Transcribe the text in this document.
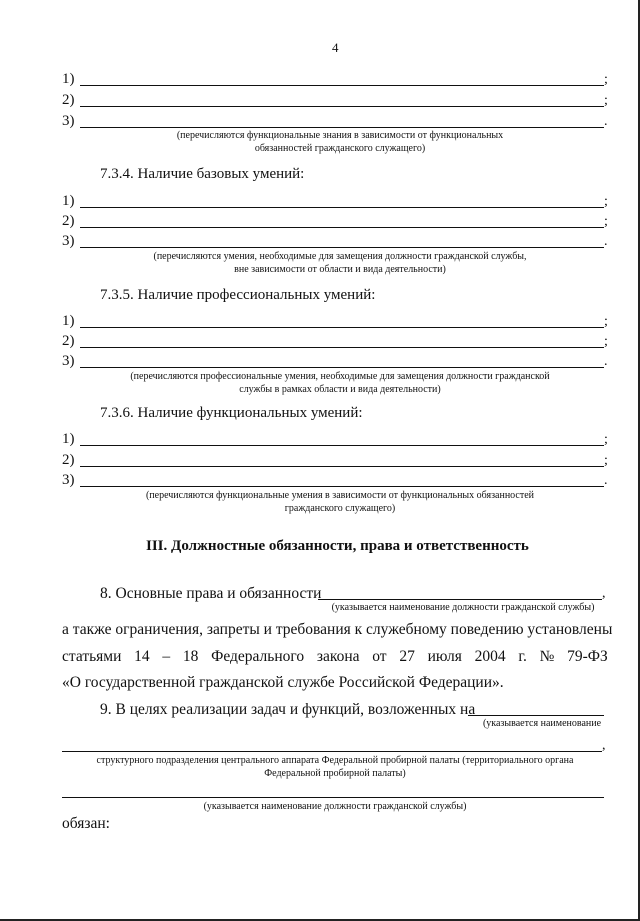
4
1)	;
2)	;
3)	.
(перечисляются функциональные знания в зависимости от функциональных
обязанностей гражданского служащего)
7.3.4. Наличие базовых умений:
1)	;
2)	;
3)	.
(перечисляются умения, необходимые для замещения должности гражданской службы,
вне зависимости от области и вида деятельности)
7.3.5. Наличие профессиональных умений:
1)	;
2)	;
3)	.
(перечисляются профессиональные умения, необходимые для замещения должности гражданской
службы в рамках области и вида деятельности)
7.3.6. Наличие функциональных умений:
1)	;
2)	;
3)	.
(перечисляются функциональные умения в зависимости от функциональных обязанностей
гражданского служащего)
III. Должностные обязанности, права и ответственность
8. Основные права и обязанности	,
(указывается наименование должности гражданской службы)
а также ограничения, запреты и требования к служебному поведению установлены
статьями 14 – 18 Федерального закона от 27 июля 2004 г. № 79-ФЗ
«О государственной гражданской службе Российской Федерации».
9. В целях реализации задач и функций, возложенных на
(указывается наименование
,
структурного подразделения центрального аппарата Федеральной пробирной палаты (территориального органа
Федеральной пробирной палаты)
(указывается наименование должности гражданской службы)
обязан:
